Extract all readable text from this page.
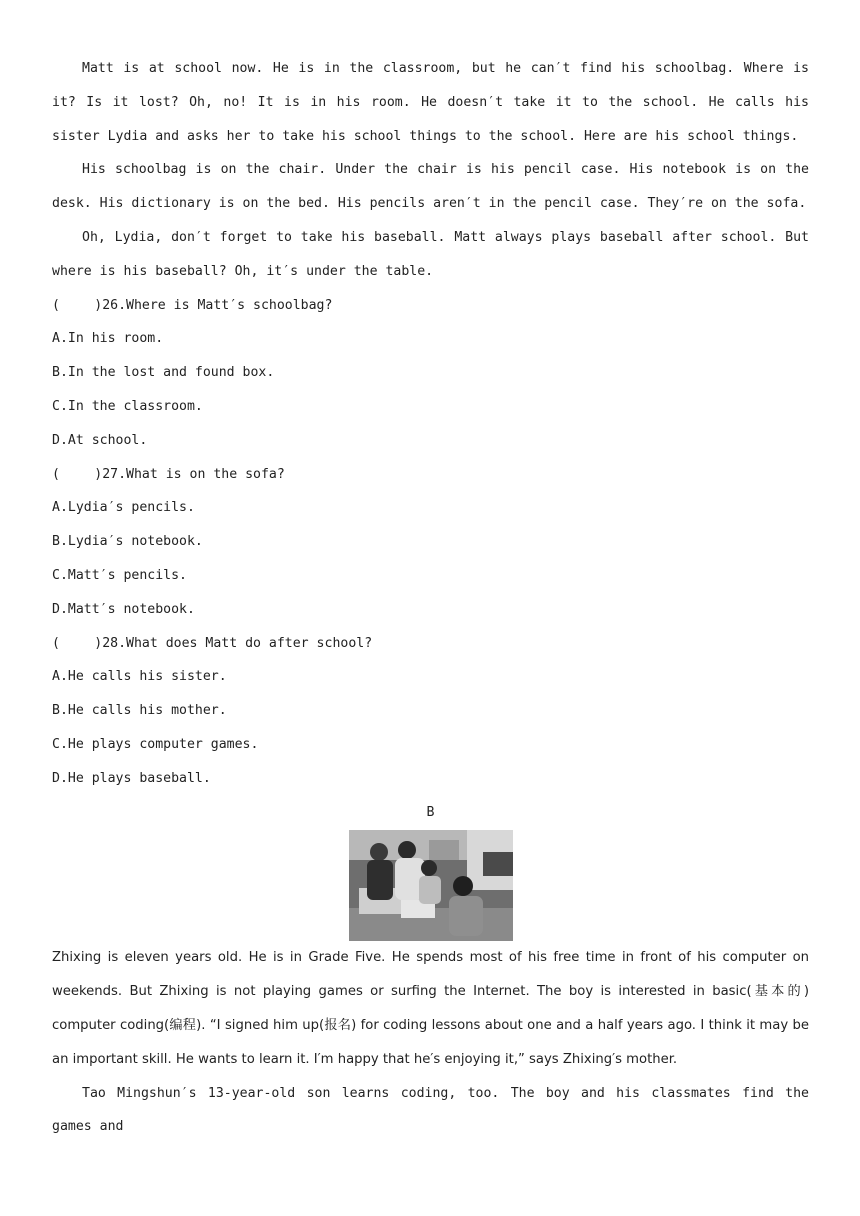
Matt is at school now. He is in the classroom, but he can′t find his schoolbag. Where is it? Is it lost? Oh, no! It is in his room. He doesn′t take it to the school. He calls his sister Lydia and asks her to take his school things to the school. Here are his school things.

His schoolbag is on the chair. Under the chair is his pencil case. His notebook is on the desk. His dictionary is on the bed. His pencils aren′t in the pencil case. They′re on the sofa.

Oh, Lydia, don′t forget to take his baseball. Matt always plays baseball after school. But where is his baseball? Oh, it′s under the table.

(　 　)26.Where is Matt′s schoolbag?

A.In his room.

B.In the lost and found box.

C.In the classroom.

D.At school.

(　 　)27.What is on the sofa?

A.Lydia′s pencils.

B.Lydia′s notebook.

C.Matt′s pencils.

D.Matt′s notebook.

(　 　)28.What does Matt do after school?

A.He calls his sister.

B.He calls his mother.

C.He plays computer games.

D.He plays baseball.

B

Zhixing is eleven years old. He is in Grade Five. He spends most of his free time in front of his computer on weekends. But Zhixing is not playing games or surfing the Internet. The boy is interested in basic(基本的) computer coding(编程). “I signed him up(报名) for coding lessons about one and a half years ago. I think it may be an important skill. He wants to learn it. I′m happy that he′s enjoying it,” says Zhixing′s mother.

Tao Mingshun′s 13-year-old son learns coding, too. The boy and his classmates find the games and
